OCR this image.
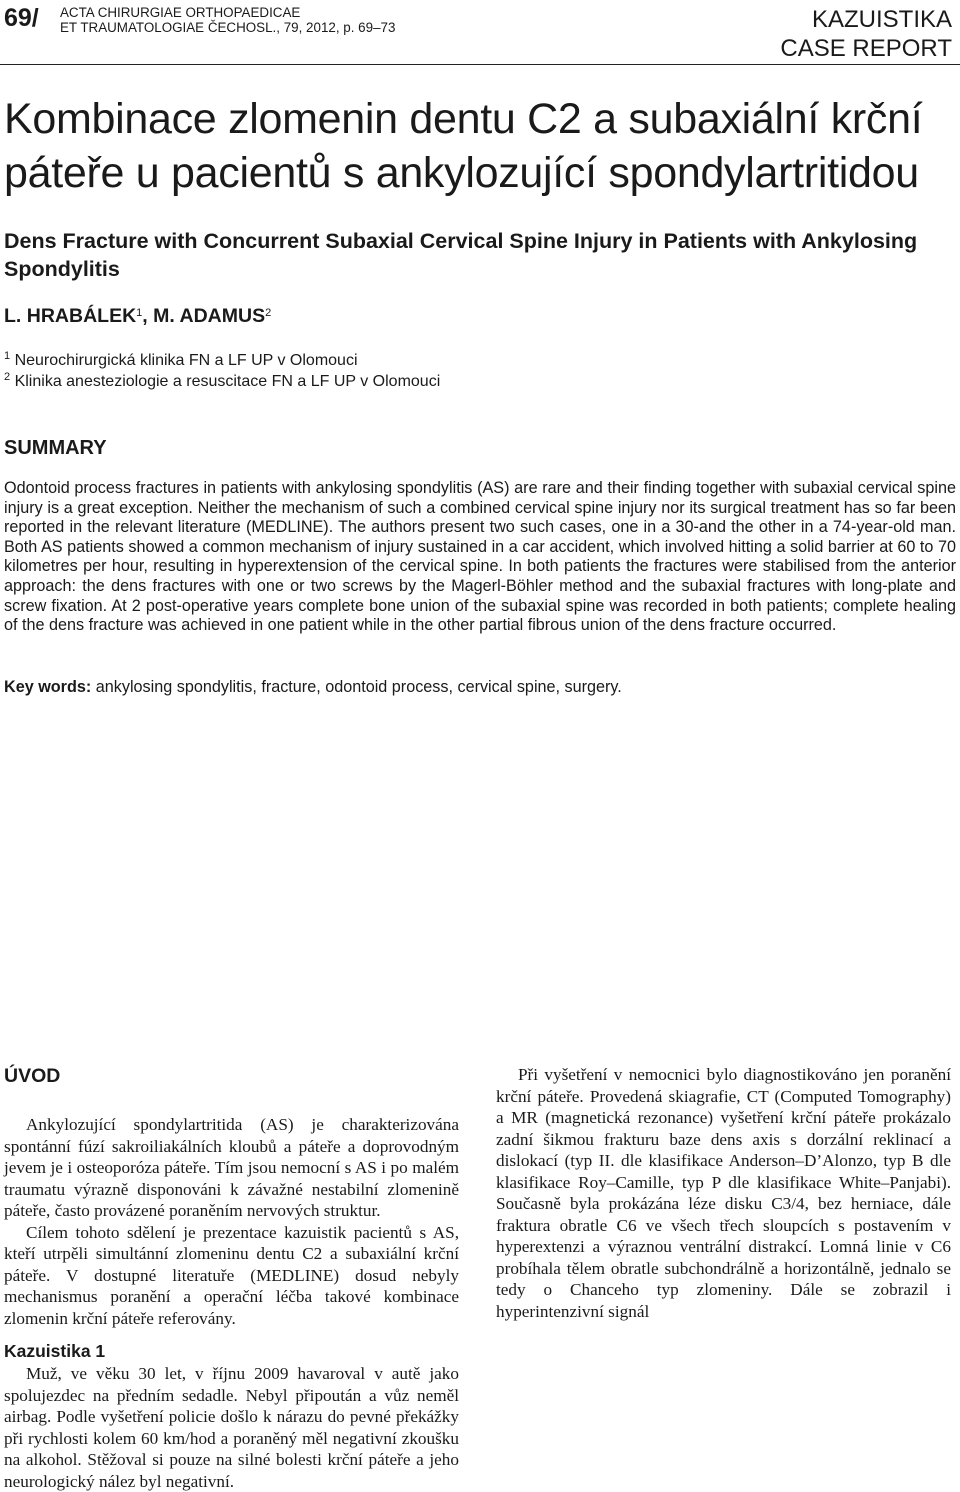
69/ ACTA CHIRURGIAE ORTHOPAEDICAE
ET TRAUMATOLOGIAE ČECHOSL., 79, 2012, p. 69–73	KAZUISTIKA
CASE REPORT
Kombinace zlomenin dentu C2 a subaxiální krční páteře u pacientů s ankylozující spondylartritidou
Dens Fracture with Concurrent Subaxial Cervical Spine Injury in Patients with Ankylosing Spondylitis
L. HRABÁLEK$^1$, M. ADAMUS$^2$
$^1$ Neurochirurgická klinika FN a LF UP v Olomouci
$^2$ Klinika anesteziologie a resuscitace FN a LF UP v Olomouci
SUMMARY
Odontoid process fractures in patients with ankylosing spondylitis (AS) are rare and their finding together with subaxial cervical spine injury is a great exception. Neither the mechanism of such a combined cervical spine injury nor its surgical treatment has so far been reported in the relevant literature (MEDLINE). The authors present two such cases, one in a 30-and the other in a 74-year-old man. Both AS patients showed a common mechanism of injury sustained in a car accident, which involved hitting a solid barrier at 60 to 70 kilometres per hour, resulting in hyperextension of the cervical spine. In both patients the fractures were stabilised from the anterior approach: the dens fractures with one or two screws by the Magerl-Böhler method and the subaxial fractures with long-plate and screw fixation. At 2 post-operative years complete bone union of the subaxial spine was recorded in both patients; complete healing of the dens fracture was achieved in one patient while in the other partial fibrous union of the dens fracture occurred.
Key words: ankylosing spondylitis, fracture, odontoid process, cervical spine, surgery.
ÚVOD

Ankylozující spondylartritida (AS) je charakterizována spontánní fúzí sakroiliakálních kloubů a páteře a doprovodným jevem je i osteoporóza páteře. Tím jsou nemocní s AS i po malém traumatu výrazně disponováni k závažné nestabilní zlomenině páteře, často provázené poraněním nervových struktur.

Cílem tohoto sdělení je prezentace kazuistik pacientů s AS, kteří utrpěli simultánní zlomeninu dentu C2 a subaxiální krční páteře. V dostupné literatuře (MEDLINE) dosud nebyly mechanismus poranění a operační léčba takové kombinace zlomenin krční páteře referovány.

Kazuistika 1

Muž, ve věku 30 let, v říjnu 2009 havaroval v autě jako spolujezdec na předním sedadle. Nebyl připoután a vůz neměl airbag. Podle vyšetření policie došlo k nárazu do pevné překážky při rychlosti kolem 60 km/hod a poraněný měl negativní zkoušku na alkohol. Stěžoval si pouze na silné bolesti krční páteře a jeho neurologický nález byl negativní.

Při vyšetření v nemocnici bylo diagnostikováno jen poranění krční páteře. Provedená skiagrafie, CT (Computed Tomography) a MR (magnetická rezonance) vyšetření krční páteře prokázalo zadní šikmou frakturu baze dens axis s dorzální reklinací a dislokací (typ II. dle klasifikace Anderson–D’Alonzo, typ B dle klasifikace Roy–Camille, typ P dle klasifikace White–Panjabi). Současně byla prokázána léze disku C3/4, bez herniace, dále fraktura obratle C6 ve všech třech sloupcích s postavením v hyperextenzi a výraznou ventrální distrakcí. Lomná linie v C6 probíhala tělem obratle subchondrálně a horizontálně, jednalo se tedy o Chanceho typ zlomeniny. Dále se zobrazil i hyperintenzivní signál
